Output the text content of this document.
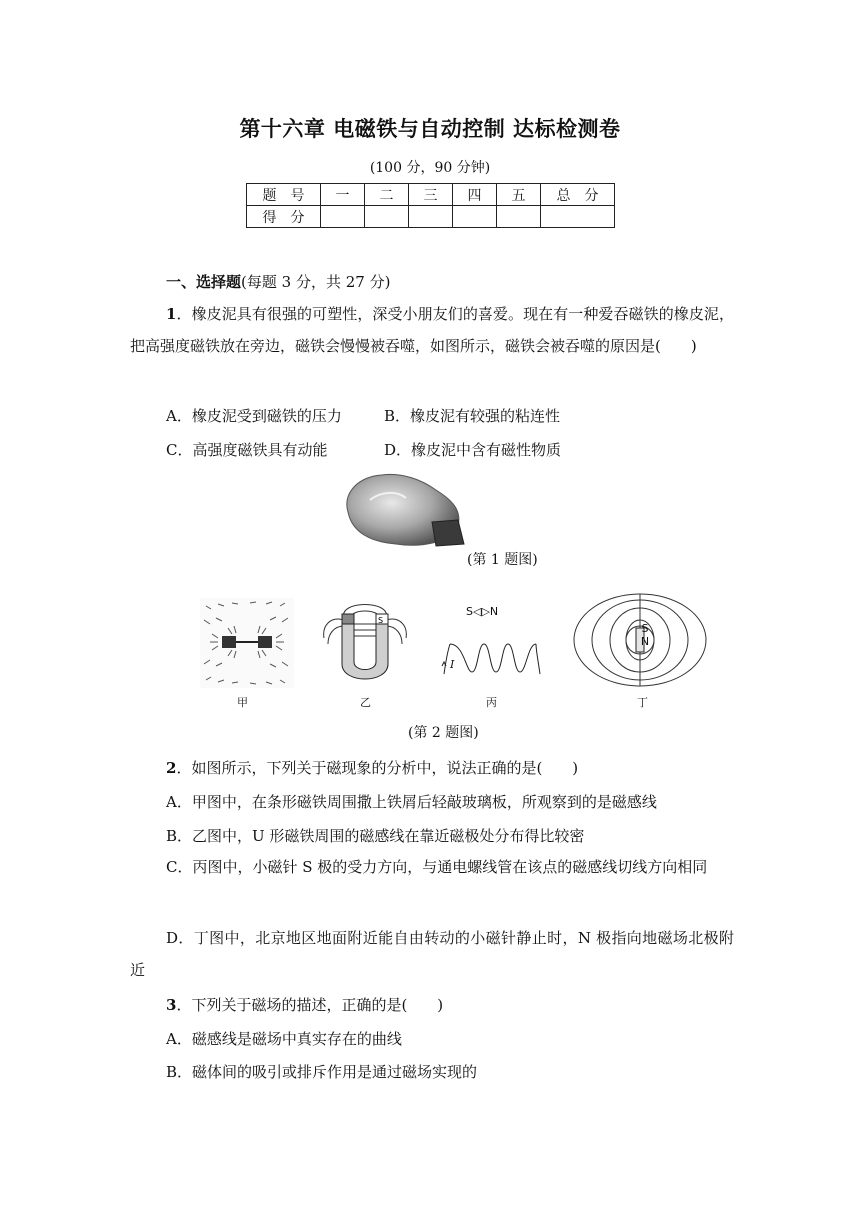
第十六章 电磁铁与自动控制 达标检测卷
(100 分，90 分钟)
题　号	一	二	三	四	五	总　分
得　分						
一、选择题(每题 3 分，共 27 分)
1．橡皮泥具有很强的可塑性，深受小朋友们的喜爱。现在有一种爱吞磁铁的橡皮泥，把高强度磁铁放在旁边，磁铁会慢慢被吞噬，如图所示，磁铁会被吞噬的原因是(　　)
A．橡皮泥受到磁铁的压力	B．橡皮泥有较强的粘连性
C．高强度磁铁具有动能	D．橡皮泥中含有磁性物质
(第 1 题图)
甲
S
乙
S◁▷N
I
丙
S N
丁
(第 2 题图)
2．如图所示，下列关于磁现象的分析中，说法正确的是(　　)
A．甲图中，在条形磁铁周围撒上铁屑后轻敲玻璃板，所观察到的是磁感线
B．乙图中，U 形磁铁周围的磁感线在靠近磁极处分布得比较密
C．丙图中，小磁针 S 极的受力方向，与通电螺线管在该点的磁感线切线方向相同
D．丁图中，北京地区地面附近能自由转动的小磁针静止时，N 极指向地磁场北极附近
3．下列关于磁场的描述，正确的是(　　)
A．磁感线是磁场中真实存在的曲线
B．磁体间的吸引或排斥作用是通过磁场实现的
